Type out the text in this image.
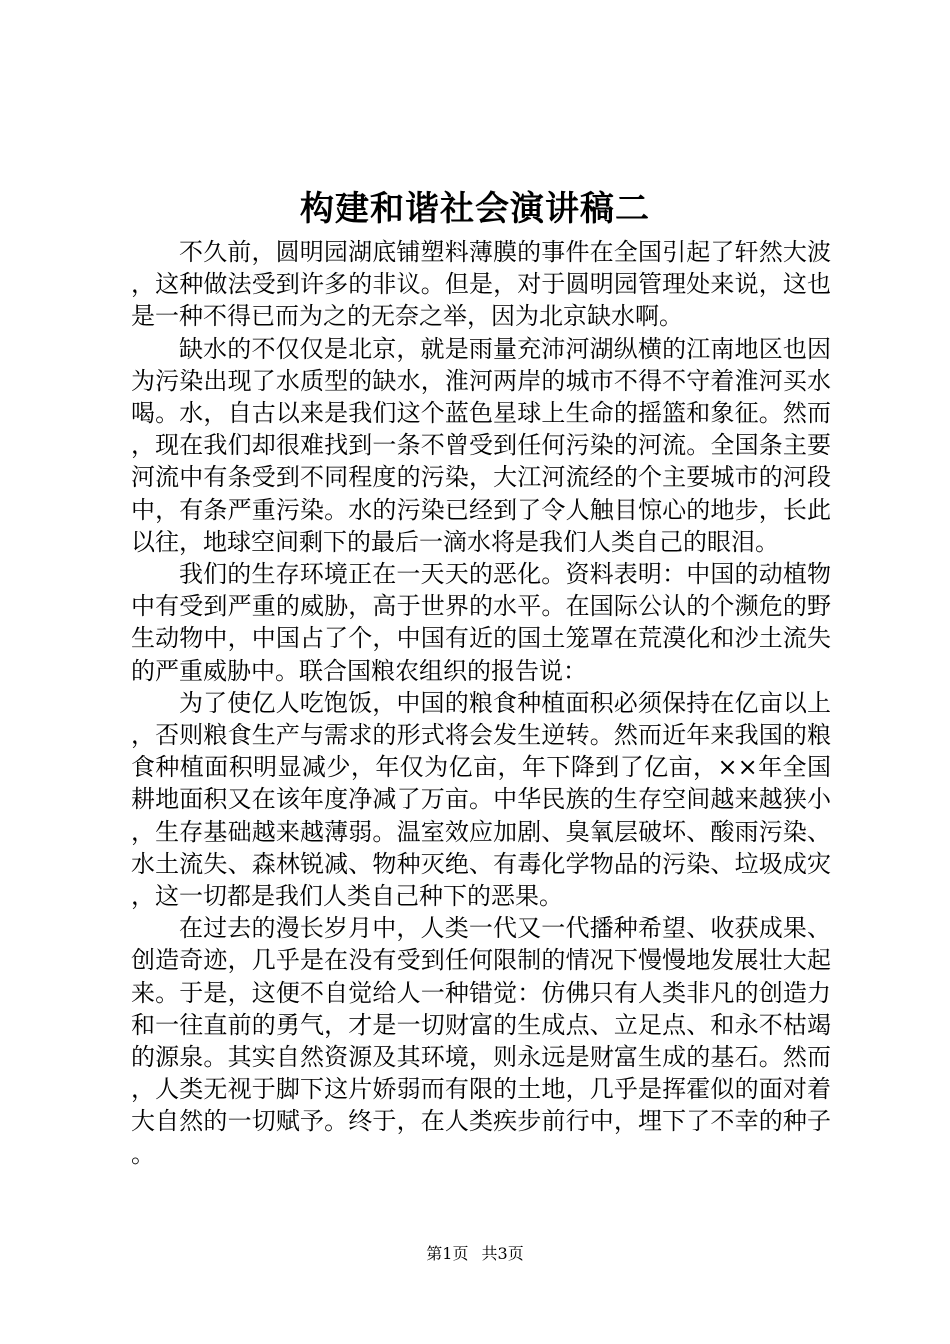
构建和谐社会演讲稿二

不久前，圆明园湖底铺塑料薄膜的事件在全国引起了轩然大波，这种做法受到许多的非议。但是，对于圆明园管理处来说，这也是一种不得已而为之的无奈之举，因为北京缺水啊。

缺水的不仅仅是北京，就是雨量充沛河湖纵横的江南地区也因为污染出现了水质型的缺水，淮河两岸的城市不得不守着淮河买水喝。水，自古以来是我们这个蓝色星球上生命的摇篮和象征。然而，现在我们却很难找到一条不曾受到任何污染的河流。全国条主要河流中有条受到不同程度的污染，大江河流经的个主要城市的河段中，有条严重污染。水的污染已经到了令人触目惊心的地步，长此以往，地球空间剩下的最后一滴水将是我们人类自己的眼泪。

我们的生存环境正在一天天的恶化。资料表明：中国的动植物中有受到严重的威胁，高于世界的水平。在国际公认的个濒危的野生动物中，中国占了个，中国有近的国土笼罩在荒漠化和沙土流失的严重威胁中。联合国粮农组织的报告说：

为了使亿人吃饱饭，中国的粮食种植面积必须保持在亿亩以上，否则粮食生产与需求的形式将会发生逆转。然而近年来我国的粮食种植面积明显减少，年仅为亿亩，年下降到了亿亩，××年全国耕地面积又在该年度净减了万亩。中华民族的生存空间越来越狭小，生存基础越来越薄弱。温室效应加剧、臭氧层破坏、酸雨污染、水土流失、森林锐减、物种灭绝、有毒化学物品的污染、垃圾成灾，这一切都是我们人类自己种下的恶果。

在过去的漫长岁月中，人类一代又一代播种希望、收获成果、创造奇迹，几乎是在没有受到任何限制的情况下慢慢地发展壮大起来。于是，这便不自觉给人一种错觉：仿佛只有人类非凡的创造力和一往直前的勇气，才是一切财富的生成点、立足点、和永不枯竭的源泉。其实自然资源及其环境，则永远是财富生成的基石。然而，人类无视于脚下这片娇弱而有限的土地，几乎是挥霍似的面对着大自然的一切赋予。终于，在人类疾步前行中，埋下了不幸的种子。

第1页 共3页
